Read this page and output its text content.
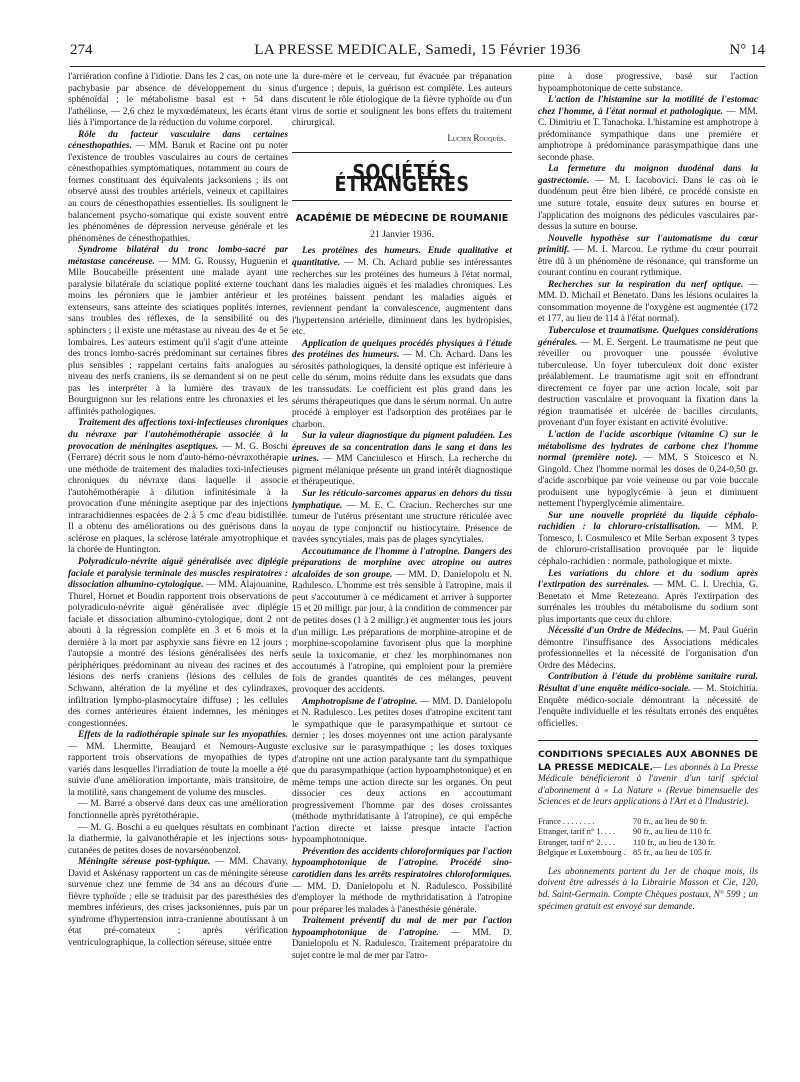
274	LA PRESSE MEDICALE, Samedi, 15 Février 1936	N° 14

l'arriération confine à l'idiotie. Dans les 2 cas, on note une pachybasie par absence de développement du sinus sphénoïdal ; le métabolisme basal est + 54 dans l'athéliose, — 2,6 chez le myxœdémateux, les écarts étant liés à l'importance de la réduction du volume corporel.

Rôle du facteur vasculaire dans certaines cénesthopathies. — MM. Baruk et Racine ont pu noter l'existence de troubles vasculaires au cours de certaines cénesthopathies symptomatiques, notamment au cours de formes constituant des équivalents jacksoniens ; ils ont observé aussi des troubles artériels, veineux et capillaires au cours de cénesthopathies essentielles. Ils soulignent le balancement psycho-somatique qui existe souvent entre les phénomènes de dépression nerveuse générale et les phénomènes de cénesthopathies.

Syndrome bilatéral du tronc lombo-sacré par métastase cancéreuse. — MM. G. Roussy, Huguenin et Mlle Boucabeille présentent une malade ayant une paralysie bilatérale du sciatique poplité externe touchant moins les péroniers que le jambier antérieur et les extenseurs, sans atteinte des sciatiques poplités internes, sans troubles des réflexes, de la sensibilité ou des sphincters ; il existe une métastase au niveau des 4e et 5e lombaires. Les auteurs estiment qu'il s'agit d'une atteinte des troncs lombo-sacrés prédominant sur certaines fibres plus sensibles ; rappelant certains faits analogues au niveau des nerfs craniens, ils se demandent si on ne peut pas les interpréter à la lumière des travaux de Bourguignon sur les relations entre les chronaxies et les affinités pathologiques.

Traitement des affections toxi-infectieuses chroniques du névraxe par l'autohémothérapie associée à la provocation de méningites aseptiques. — M. G. Boschi (Ferrare) décrit sous le nom d'auto-hémo-névraxothérapie une méthode de traitement des maladies toxi-infectieuses chroniques du névraxe dans laquelle il associe l'autohémothérapie à dilution infinitésimale à la provocation d'une méningite aseptique par des injections intrarachidiennes espacées de 2 à 5 cmc d'eau bidistillée. Il a obtenu des améliorations ou des guérisons dans la sclérose en plaques, la sclérose latérale amyotrophique et la chorée de Huntington.

Polyradiculo-névrite aiguë généralisée avec diplégie faciale et paralysie terminale des muscles respiratoires : dissociation albumino-cytologique. — MM. Alajouanine, Thurel, Hornet et Boudin rapportent trois observations de polyradiculo-névrite aiguë généralisée avec diplégie faciale et dissociation albumino-cytologique, dont 2 ont abouti à la régression complète en 3 et 6 mois et la dernière à la mort par asphyxie sans fièvre en 12 jours ; l'autopsie a montré des lésions généralisées des nerfs périphériques prédominant au niveau des racines et des lésions des nerfs craniens (lésions des cellules de Schwann, altération de la myéline et des cylindraxes, infiltration lympho-plasmocytaire diffuse) ; les cellules des cornes antérieures étaient indemnes, les méninges congestionnées.

Effets de la radiothérapie spinale sur les myopathies. — MM. Lhermitte, Beaujard et Nemours-Auguste rapportent trois observations de myopathies de types variés dans lesquelles l'irradiation de toute la moelle a été suivie d'une amélioration importante, mais transitoire, de la motilité, sans changement de volume des muscles.

— M. Barré a observé dans deux cas une amélioration fonctionnelle après pyrétothérapie.

— M. G. Boschi a eu quelques résultats en combinant la diathermie, la galvanothérapie et les injections sous-cutanées de petites doses de novarsénobenzol.

Méningite séreuse post-typhique. — MM. Chavany, David et Askénasy rapportent un cas de méningite séreuse survenue chez une femme de 34 ans au décours d'une fièvre typhoïde ; elle se traduisit par des paresthésies des membres inférieurs, des crises jacksoniennes, puis par un syndrome d'hypertension intra-cranienne aboutissant à un état pré-comateux ; après vérification ventriculographique, la collection séreuse, située entre

la dure-mère et le cerveau, fut évacuée par trépanation d'urgence ; depuis, la guérison est complète. Les auteurs discutent le rôle étiologique de la fièvre typhoïde ou d'un virus de sortie et soulignent les bons effets du traitement chirurgical.

Lucien Rouquès.

SOCIÉTÉS ÉTRANGÈRES

ACADÉMIE DE MÉDECINE DE ROUMANIE

21 Janvier 1936.

Les protéines des humeurs. Etude qualitative et quantitative. — M. Ch. Achard publie ses intéressantes recherches sur les protéines des humeurs à l'état normal, dans les maladies aiguës et les maladies chroniques. Les protéines baissent pendant les maladies aiguës et reviennent pendant la convalescence, augmentent dans l'hypertension artérielle, diminuent dans les hydropisies, etc.

Application de quelques procédés physiques à l'étude des protéines des humeurs. — M. Ch. Achard. Dans les sérosités pathologiques, la densité optique est inférieure à celle du sérum, moins réduite dans les exsudats que dans les transsudats. Le coefficient est plus grand dans les sérums thérapeutiques que dans le sérum normal. Un autre procédé à employer est l'adsorption des protéines par le charbon.

Sur la valeur diagnostique du pigment paludéen. Les épreuves de sa concentration dans le sang et dans les urines. — MM Canciulesco et Hirsch. La recherche du pigment mélanique présente un grand intérêt diagnostique et thérapeutique.

Sur les réticulo-sarcomes apparus en dehors du tissu lymphatique. — M. E. C. Craciun. Recherches sur une tumeur de l'utérus présentant une structure réticulée avec noyau de type conjonctif ou histiocytaire. Présence de travées syncytiales, mais pas de plages syncytiales.

Accoutumance de l'homme à l'atropine. Dangers des préparations de morphine avec atropine ou autres alcaloïdes de son groupe. — MM. D. Danielopolu et N. Radulesco. L'homme est très sensible à l'atropine, mais il peut s'accoutumer à ce médicament et arriver à supporter 15 et 20 milligr. par jour, à la condition de commencer par de petites doses (1 à 2 milligr.) et augmenter tous les jours d'un milligr. Les préparations de morphine-atropine et de morphine-scopolamine favorisent plus que la morphine seule la toxicomanie, et chez les morphinomanes non accoutumés à l'atropine, qui emploient pour la première fois de grandes quantités de ces mélanges, peuvent provoquer des accidents.

Amphotropisme de l'atropine. — MM. D. Danielopolu et N. Radulesco. Les petites doses d'atropine excitent tant le sympathique que le parasympathique et surtout ce dernier ; les doses moyennes ont une action paralysante exclusive sur le parasympathique ; les doses toxiques d'atropine ont une action paralysante tant du sympathique que du parasympathique (action hypoamphotonique) et en même temps une action directe sur les organes. On peut dissocier ces deux actions en accoutumant progressivement l'homme par des doses croissantes (méthode mythridatisante à l'atropine), ce qui empêche l'action directe et laisse presque intacte l'action hypoamphotonique.

Prévention des accidents chloroformiques par l'action hypoamphotonique de l'atropine. Procédé sino-carotidien dans les arrêts respiratoires chloroformiques. — MM. D. Danielopolu et N. Radulesco. Possibilité d'employer la méthode de mythridatisation à l'atropine pour préparer les malades à l'anesthésie générale.

Traitement préventif du mal de mer par l'action hypoamphotonique de l'atropine. — MM. D. Danielopolu et N. Radulesco. Traitement préparatoire du sujet contre le mal de mer par l'atro-

pine à dose progressive, basé sur l'action hypoamphotonique de cette substance.

L'action de l'histamine sur la motilité de l'estomac chez l'homme, à l'état normal et pathologique. — MM. C. Dimitriu et T. Tanachoka. L'histamine est amphotrope à prédominance sympathique dans une première et amphotrope à prédominance parasympathique dans une seconde phase.

La fermeture du moignon duodénal dans la gastrectomie. — M. I. Iacobovici. Dans le cas où le duodénum peut être bien libéré, ce procédé consiste en une suture totale, ensuite deux sutures en bourse et l'application des moignons des pédicules vasculaires par-dessus la suture en bourse.

Nouvelle hypothèse sur l'automatisme du cœur primitif. — M. I. Marcou. Le rythme du cœur pourrait être dû à un phénomène de résonance, qui transforme un courant continu en courant rythmique.

Recherches sur la respiration du nerf optique. — MM. D. Michail et Benetato. Dans les lésions oculaires la consommation moyenne de l'oxygène est augmentée (172 et 177, au lieu de 114 à l'état normal).

Tuberculose et traumatisme. Quelques considérations générales. — M. E. Sergent. Le traumatisme ne peut que réveiller ou provoquer une poussée évolutive tuberculeuse. Un foyer tuberculeux doit donc exister préalablement. Le traumatisme agit soit en effondrant directement ce foyer par une action locale, soit par destruction vasculaire et provoquant la fixation dans la région traumatisée et ulcérée de bacilles circulants, provenant d'un foyer existant en activité évolutive.

L'action de l'acide ascorbique (vitamine C) sur le métabolisme des hydrates de carbone chez l'homme normal (première note). — MM. S Stoicesco et N. Gingold. Chez l'homme normal les doses de 0,24-0,50 gr. d'acide ascorbique par voie veineuse ou par voie buccale produisent une hypoglycémie à jeun et diminuent nettement l'hyperglycémie alimentaire.

Sur une nouvelle propriété du liquide céphalo-rachidien : la chloruro-cristallisation. — MM. P. Tomesco, I. Cosmulesco et Mlle Serban exposent 3 types de chlorurо-cristallisation provoquée par le liquide céphalo-rachidien : normale, pathologique et mixte.

Les variations du chlore et du sodium après l'extirpation des surrénales. — MM. C. I. Urechia, G. Benetato et Mme Retezeano. Après l'extirpation des surrénales les troubles du métabolisme du sodium sont plus importants que ceux du chlore.

Nécessité d'un Ordre de Médecins. — M. Paul Guérin démontre l'insuffisance des Associations médicales professionnelles et la nécessité de l'organisation d'un Ordre des Médecins.

Contribution à l'étude du problème sanitaire rural. Résultat d'une enquête médico-sociale. — M. Stoichitia. Enquête médico-sociale démontrant la nécessité de l'enquête individuelle et les résultats erronés des enquêtes officielles.

CONDITIONS SPECIALES AUX ABONNES DE LA PRESSE MEDICALE.— Les abonnés à La Presse Médicale bénéficieront à l'avenir d'un tarif spécial d'abonnement à « La Nature » (Revue bimensuelle des Sciences et de leurs applications à l'Art et à l'Industrie).

France . . . . . . . .	70 fr., au lieu de 90 fr.
Etranger, tarif n° 1. . . .	90 fr., au lieu de 110 fr.
Etranger, tarif n° 2. . . .	110 fr., au lieu de 130 fr.
Belgique et Luxembourg . 85 fr., au lieu de 105 fr.

Les abonnements partent du 1er de chaque mois, ils doivent être adressés à la Librairie Masson et Cie, 120, bd. Saint-Germain. Compte Chèques postaux, N° 599 ; un spécimen gratuit est envoyé sur demande.
